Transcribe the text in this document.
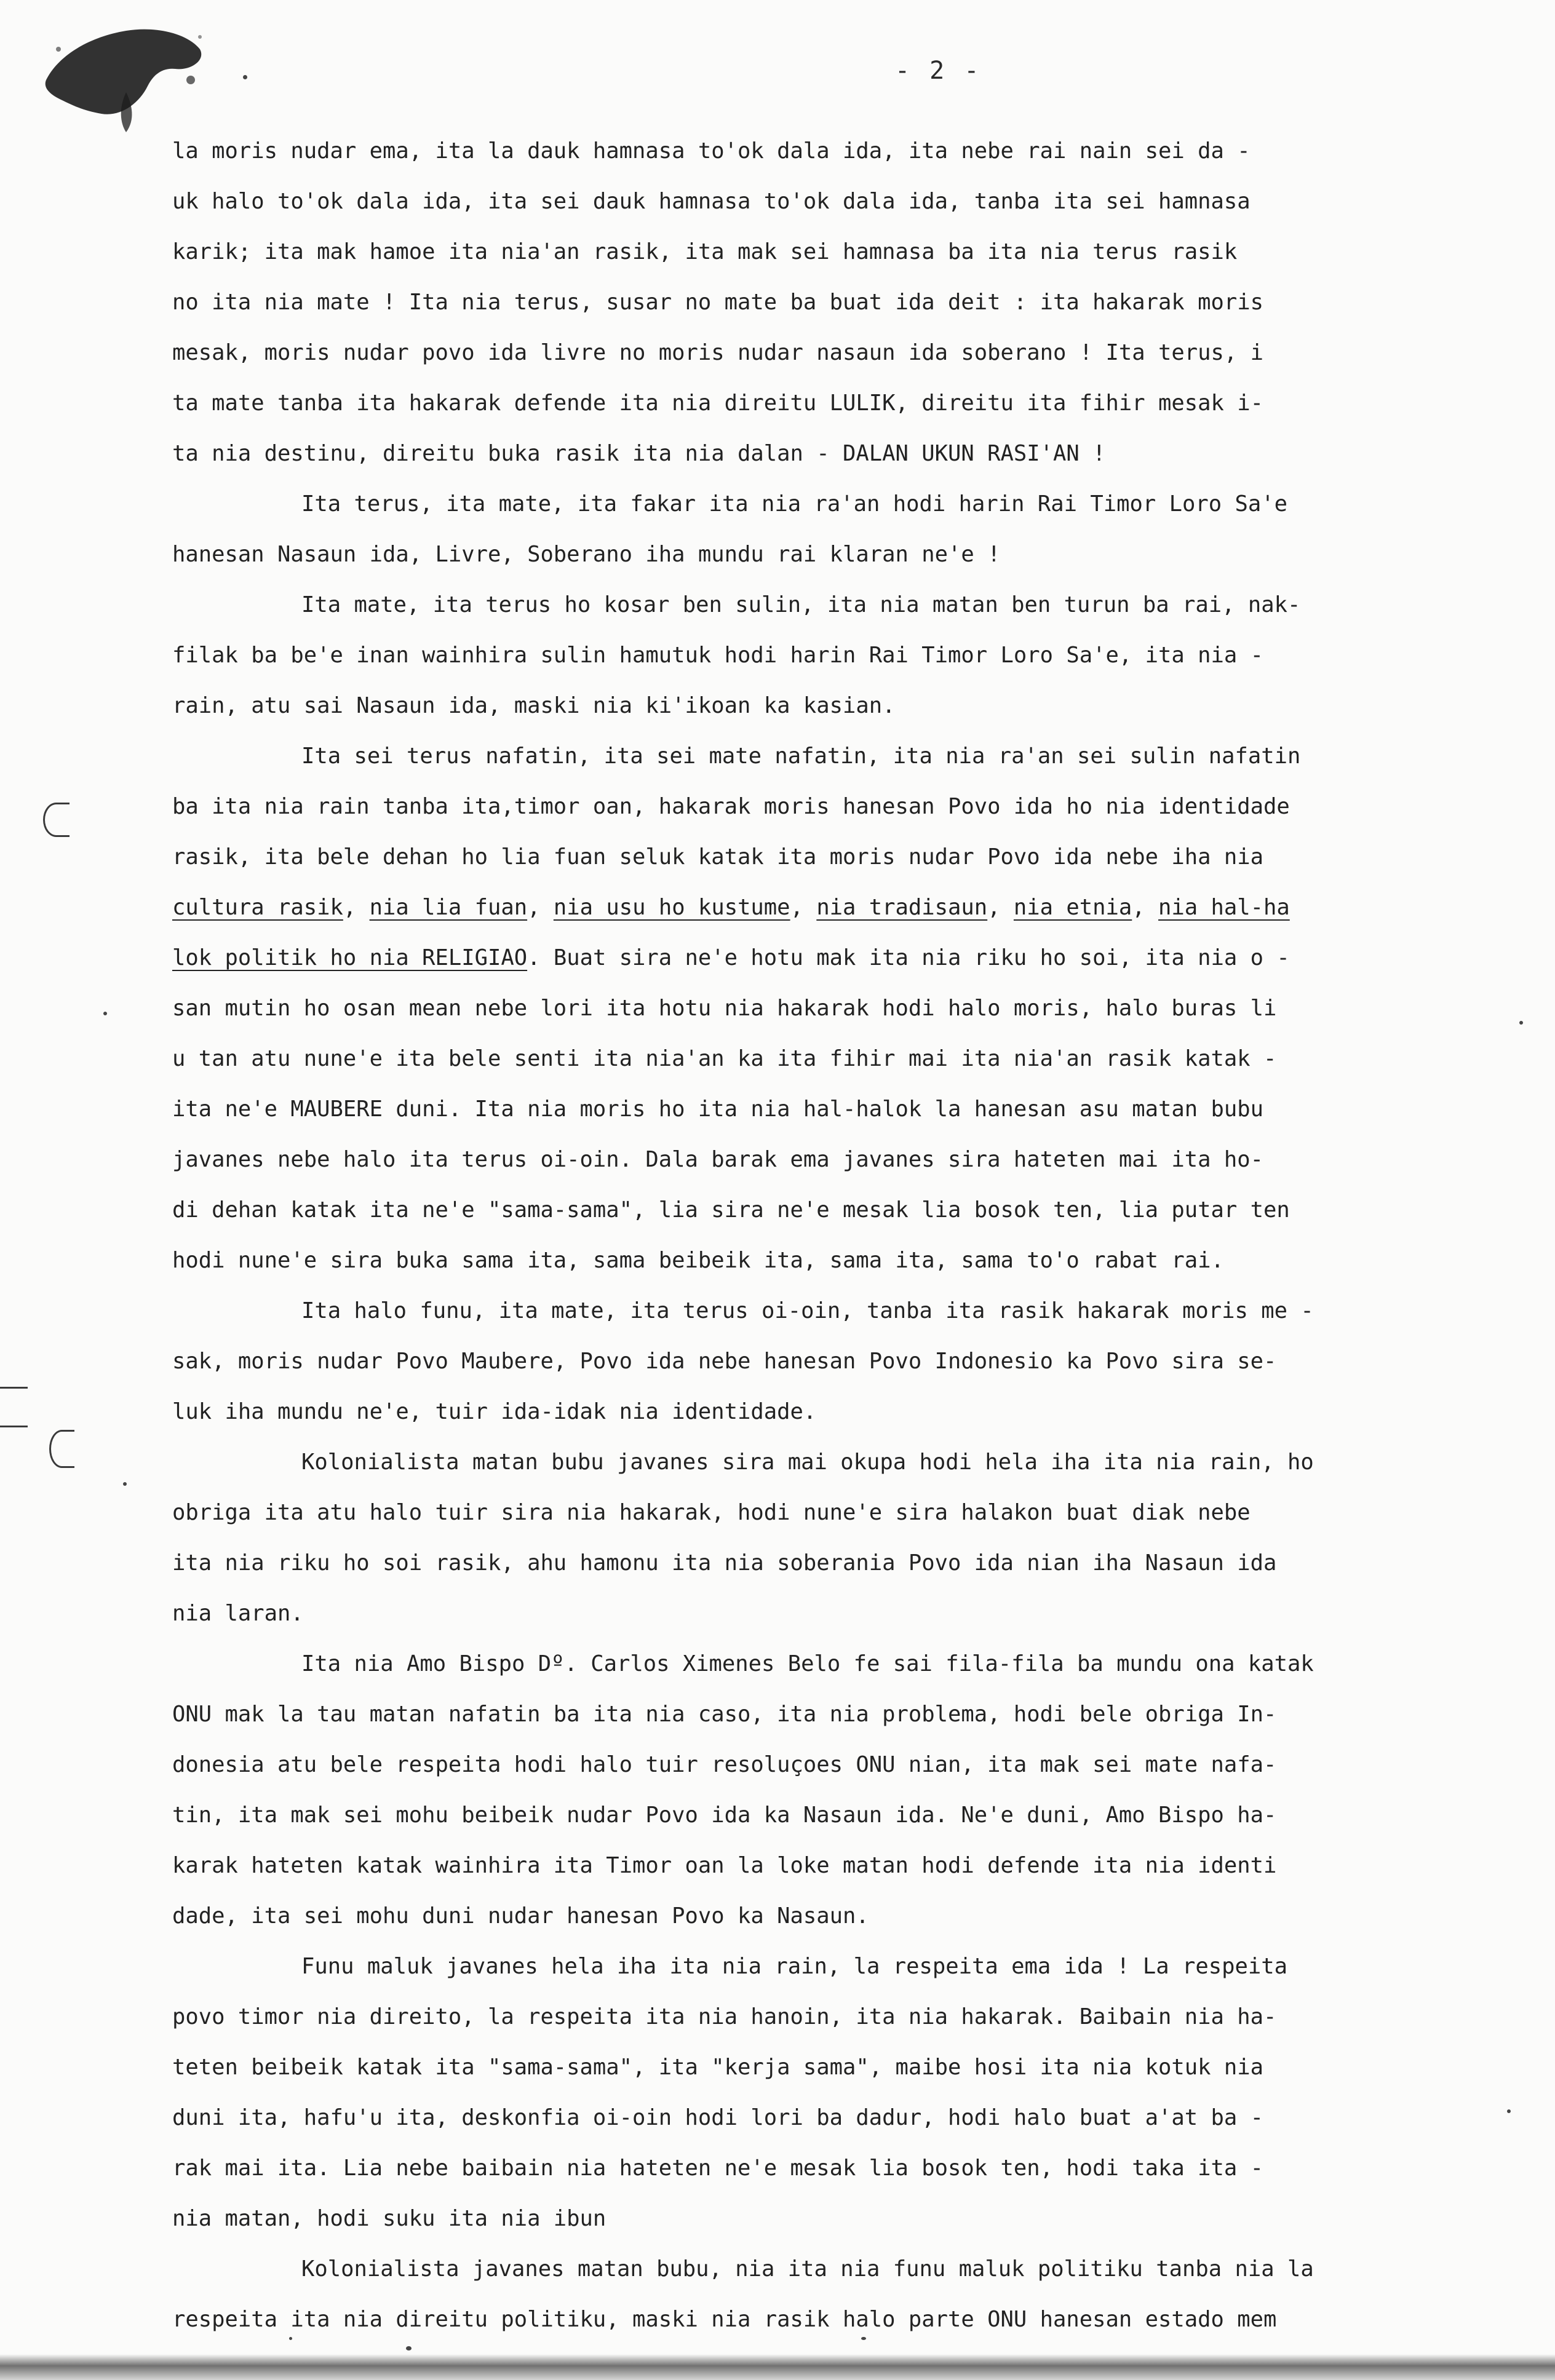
- 2 -
la moris nudar ema, ita la dauk hamnasa to'ok dala ida, ita nebe rai nain sei da -
uk halo to'ok dala ida, ita sei dauk hamnasa to'ok dala ida, tanba ita sei hamnasa
karik; ita mak hamoe ita nia'an rasik, ita mak sei hamnasa ba ita nia terus rasik
no ita nia mate ! Ita nia terus, susar no mate ba buat ida deit : ita hakarak moris
mesak, moris nudar povo ida livre no moris nudar nasaun ida soberano ! Ita terus, i
ta mate tanba ita hakarak defende ita nia direitu LULIK, direitu ita fihir mesak i-
ta nia destinu, direitu buka rasik ita nia dalan - DALAN UKUN RASI'AN !
Ita terus, ita mate, ita fakar ita nia ra'an hodi harin Rai Timor Loro Sa'e
hanesan Nasaun ida, Livre, Soberano iha mundu rai klaran ne'e !
Ita mate, ita terus ho kosar ben sulin, ita nia matan ben turun ba rai, nak-
filak ba be'e inan wainhira sulin hamutuk hodi harin Rai Timor Loro Sa'e, ita nia -
rain, atu sai Nasaun ida, maski nia ki'ikoan ka kasian.
Ita sei terus nafatin, ita sei mate nafatin, ita nia ra'an sei sulin nafatin
ba ita nia rain tanba ita,timor oan, hakarak moris hanesan Povo ida ho nia identidade
rasik, ita bele dehan ho lia fuan seluk katak ita moris nudar Povo ida nebe iha nia
cultura rasik, nia lia fuan, nia usu ho kustume, nia tradisaun, nia etnia, nia hal-ha
lok politik ho nia RELIGIAO. Buat sira ne'e hotu mak ita nia riku ho soi, ita nia o -
san mutin ho osan mean nebe lori ita hotu nia hakarak hodi halo moris, halo buras li
u tan atu nune'e ita bele senti ita nia'an ka ita fihir mai ita nia'an rasik katak -
ita ne'e MAUBERE duni. Ita nia moris ho ita nia hal-halok la hanesan asu matan bubu
javanes nebe halo ita terus oi-oin. Dala barak ema javanes sira hateten mai ita ho-
di dehan katak ita ne'e "sama-sama", lia sira ne'e mesak lia bosok ten, lia putar ten
hodi nune'e sira buka sama ita, sama beibeik ita, sama ita, sama to'o rabat rai.
Ita halo funu, ita mate, ita terus oi-oin, tanba ita rasik hakarak moris me -
sak, moris nudar Povo Maubere, Povo ida nebe hanesan Povo Indonesio ka Povo sira se-
luk iha mundu ne'e, tuir ida-idak nia identidade.
Kolonialista matan bubu javanes sira mai okupa hodi hela iha ita nia rain, ho
obriga ita atu halo tuir sira nia hakarak, hodi nune'e sira halakon buat diak nebe
ita nia riku ho soi rasik, ahu hamonu ita nia soberania Povo ida nian iha Nasaun ida
nia laran.
Ita nia Amo Bispo Dº. Carlos Ximenes Belo fe sai fila-fila ba mundu ona katak
ONU mak la tau matan nafatin ba ita nia caso, ita nia problema, hodi bele obriga In-
donesia atu bele respeita hodi halo tuir resoluçoes ONU nian, ita mak sei mate nafa-
tin, ita mak sei mohu beibeik nudar Povo ida ka Nasaun ida. Ne'e duni, Amo Bispo ha-
karak hateten katak wainhira ita Timor oan la loke matan hodi defende ita nia identi
dade, ita sei mohu duni nudar hanesan Povo ka Nasaun.
Funu maluk javanes hela iha ita nia rain, la respeita ema ida ! La respeita
povo timor nia direito, la respeita ita nia hanoin, ita nia hakarak. Baibain nia ha-
teten beibeik katak ita "sama-sama", ita "kerja sama", maibe hosi ita nia kotuk nia
duni ita, hafu'u ita, deskonfia oi-oin hodi lori ba dadur, hodi halo buat a'at ba -
rak mai ita. Lia nebe baibain nia hateten ne'e mesak lia bosok ten, hodi taka ita -
nia matan, hodi suku ita nia ibun
Kolonialista javanes matan bubu, nia ita nia funu maluk politiku tanba nia la
respeita ita nia direitu politiku, maski nia rasik halo parte ONU hanesan estado mem
